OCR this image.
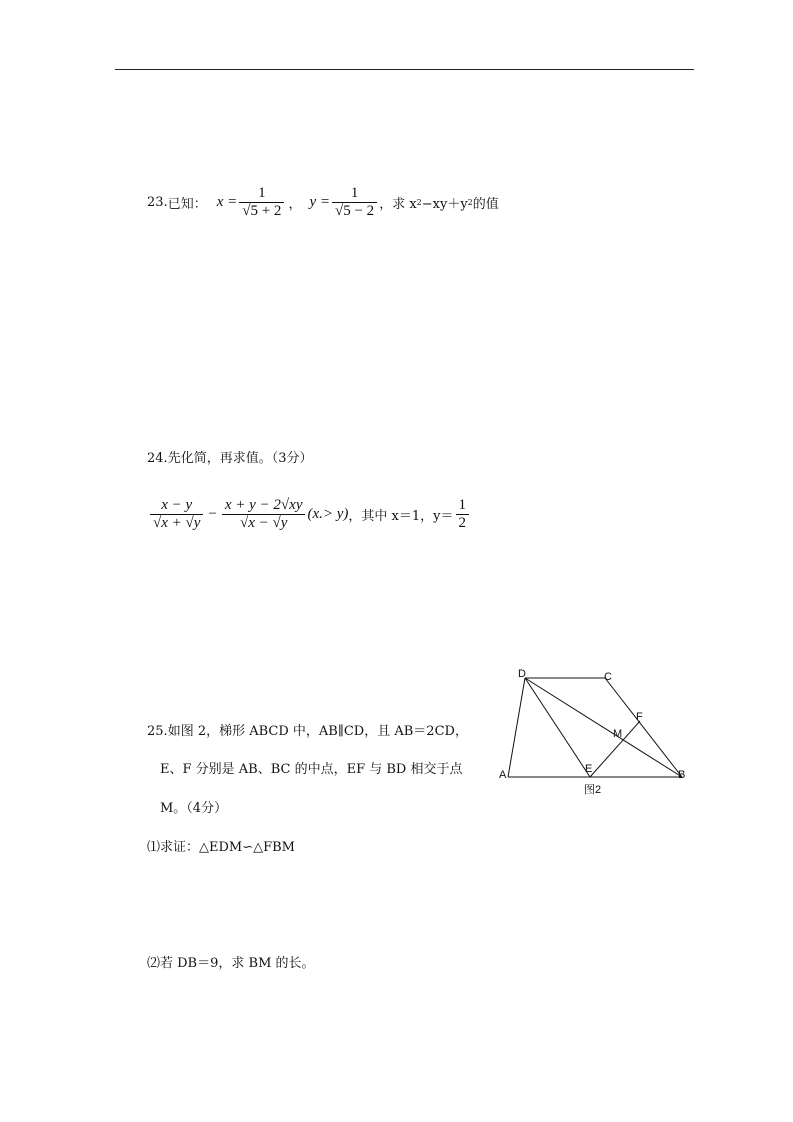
23. 已知： $x = \frac{1}{√5 + 2}$ ， $y = \frac{1}{√5 - 2}$ ，求 x 2 −xy＋y 2 的值
24.先化简，再求值。（3分）
$\frac{x - y}{√x + √y} - \frac{x + y - 2√xy}{√x - √y} (x.> y)$ ，其中 x＝1，$y= \frac{1}{2}$
25.如图 2，梯形 ABCD 中，AB∥CD，且 AB＝2CD，
E、F 分别是 AB、BC 的中点，EF 与 BD 相交于点
M。（4分）
⑴求证：△EDM∽△FBM
⑵若 DB＝9，求 BM 的长。
D	C
F
M
A	E	B
图2
